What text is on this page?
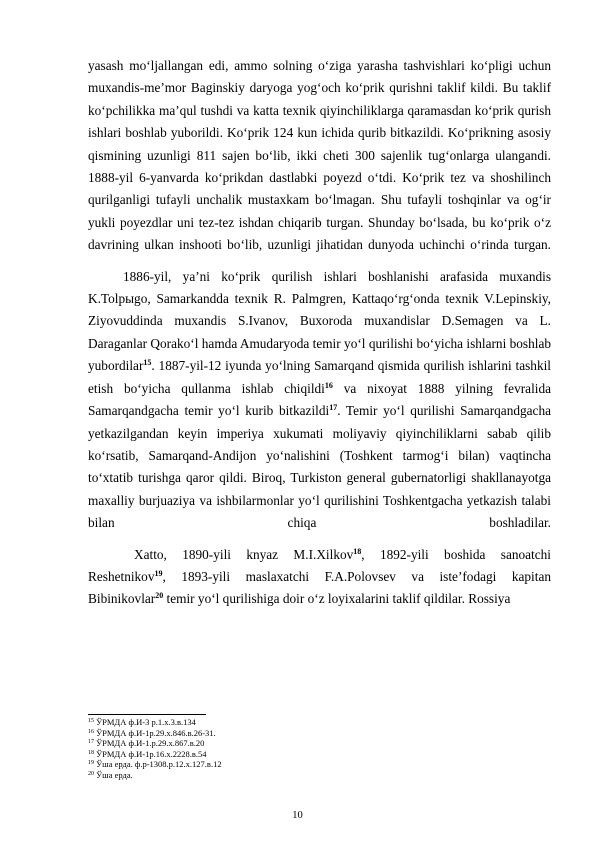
yasash mo‘ljallangan edi, ammo solning o‘ziga yarasha tashvishlari ko‘pligi uchun muxandis-me’mor Baginskiy daryoga yog‘och ko‘prik qurishni taklif kildi. Bu taklif ko‘pchilikka ma’qul tushdi va katta texnik qiyinchiliklarga qaramasdan ko‘prik qurish ishlari boshlab yuborildi. Ko‘prik 124 kun ichida qurib bitkazildi. Ko‘prikning asosiy qismining uzunligi 811 sajen bo‘lib, ikki cheti 300 sajenlik tug‘onlarga ulangandi. 1888-yil 6-yanvarda ko‘prikdan dastlabki poyezd o‘tdi. Ko‘prik tez va shoshilinch qurilganligi tufayli unchalik mustaxkam bo‘lmagan. Shu tufayli toshqinlar va og‘ir yukli poyezdlar uni tez-tez ishdan chiqarib turgan. Shunday bo‘lsada, bu ko‘prik o‘z davrining ulkan inshooti bo‘lib, uzunligi jihatidan dunyoda uchinchi o‘rinda turgan.

1886-yil, ya’ni ko‘prik qurilish ishlari boshlanishi arafasida muxandis K.Tolpыgo, Samarkandda texnik R. Palmgren, Kattaqo‘rg‘onda texnik V.Lepinskiy, Ziyovuddinda muxandis S.Ivanov, Buxoroda muxandislar D.Semagen va L. Daraganlar Qorako‘l hamda Amudaryoda temir yo‘l qurilishi bo‘yicha ishlarni boshlab yubordilar$^{15}$. 1887-yil-12 iyunda yo‘lning Samarqand qismida qurilish ishlarini tashkil etish bo‘yicha qullanma ishlab chiqildi$^{16}$ va nixoyat 1888 yilning fevralida Samarqandgacha temir yo‘l kurib bitkazildi$^{17}$. Temir yo‘l qurilishi Samarqandgacha yetkazilgandan keyin imperiya xukumati moliyaviy qiyinchiliklarni sabab qilib ko‘rsatib, Samarqand-Andijon yo‘nalishini (Toshkent tarmog‘i bilan) vaqtincha to‘xtatib turishga qaror qildi. Biroq, Turkiston general gubernatorligi shakllanayotga maxalliy burjuaziya va ishbilarmonlar yo‘l qurilishini Toshkentgacha yetkazish talabi bilan chiqa boshladilar.
Xatto, 1890-yili knyaz M.I.Xilkov$^{18}$, 1892-yili boshida sanoatchi Reshetnikov$^{19}$, 1893-yili maslaxatchi F.A.Polovsev va iste’fodagi kapitan Bibinikovlar$^{20}$ temir yo‘l qurilishiga doir o‘z loyixalarini taklif qildilar. Rossiya
$^{15}$ ЎРМДА ф.И-3 р.1.х.3.в.134
$^{16}$ ЎРМДА ф.И-1р.29.х.846.в.26-31.
$^{17}$ ЎРМДА ф.И-1.р.29.х.867.в.20
$^{18}$ ЎРМДА ф.И-1р.16.х.2228.в.54
$^{19}$ Ўша ерда. ф.р-1308.р.12.х.127.в.12
$^{20}$ Ўша ерда.
10
